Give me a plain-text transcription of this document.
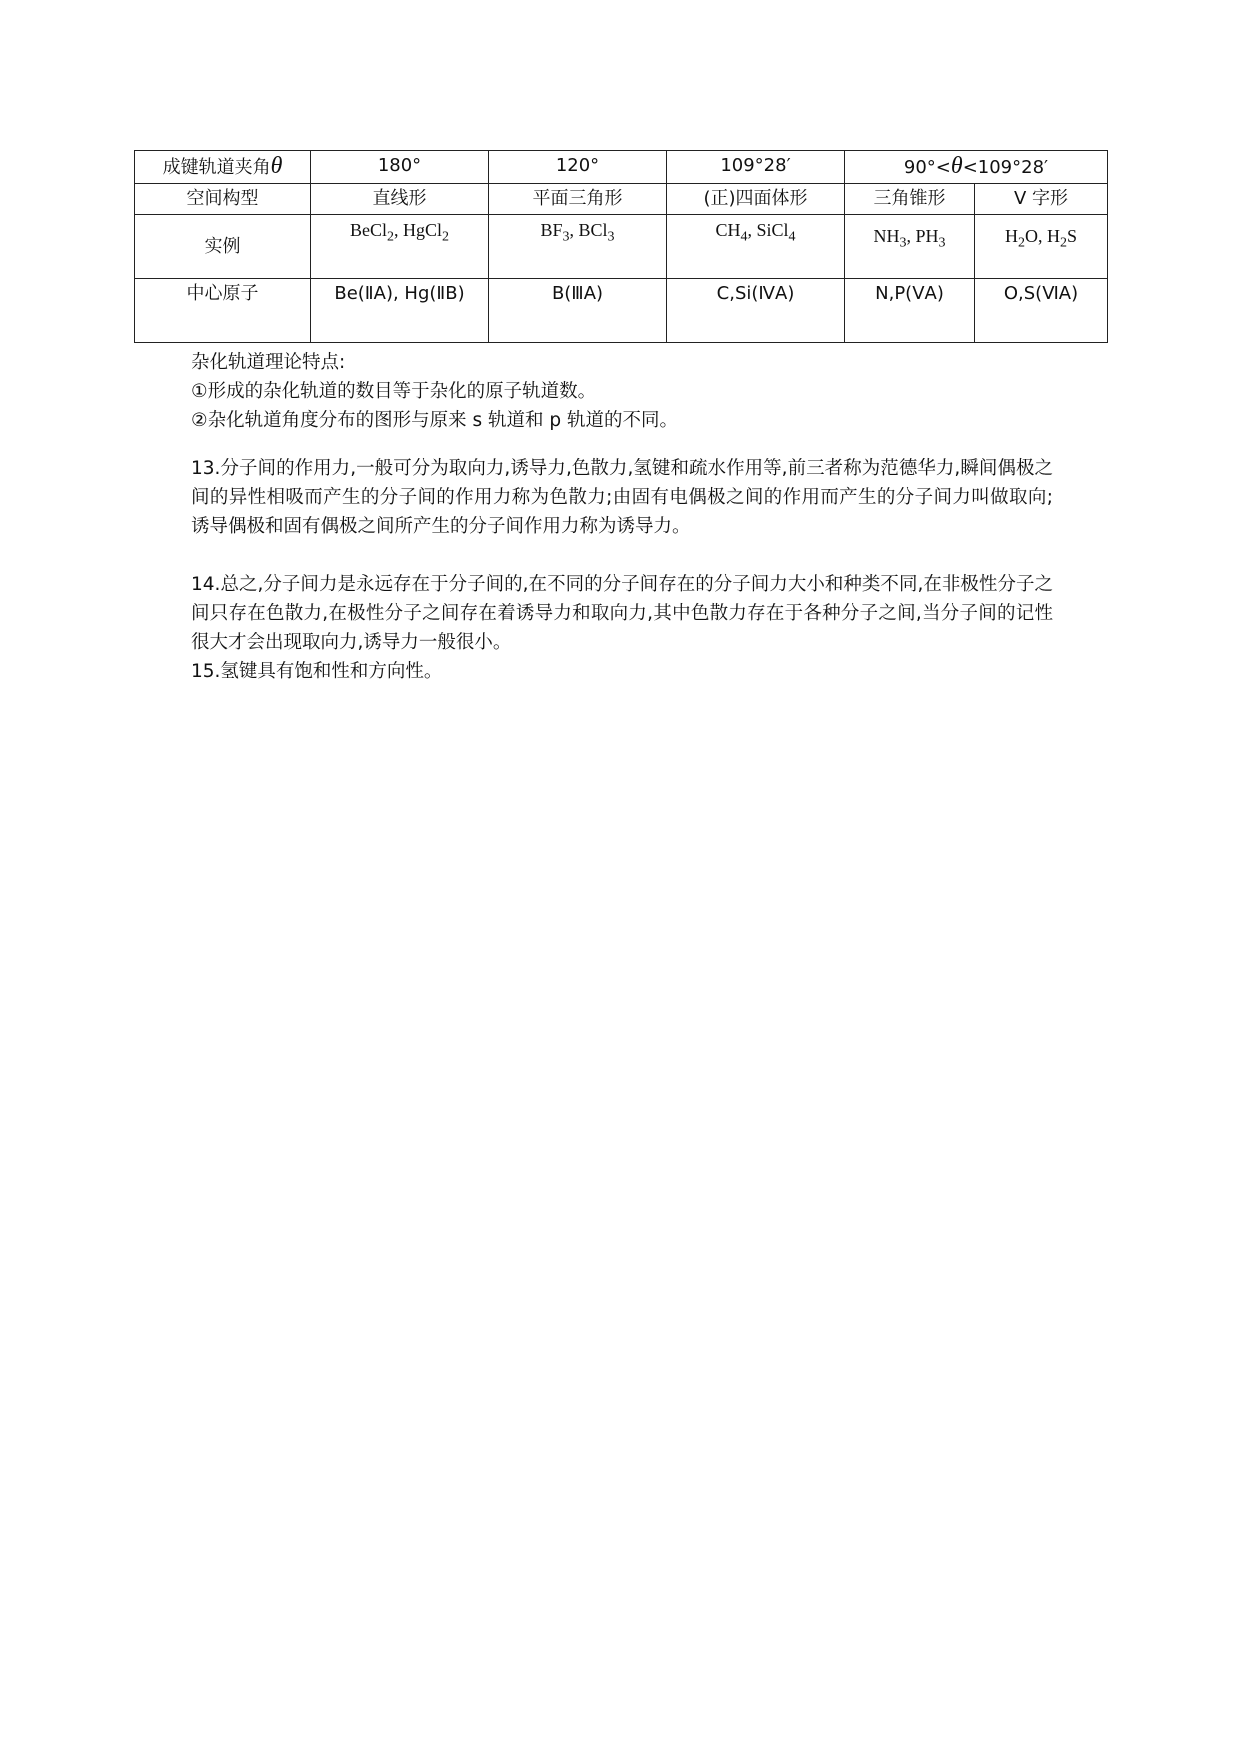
成键轨道夹角θ	180°	120°	109°28′	90°<θ<109°28′	
空间构型	直线形	平面三角形	(正)四面体形	三角锥形	V 字形
实例	BeCl$_2$, HgCl$_2$	$BF_3$, BCl$_3$	$CH_4$, SiCl$_4$	$NH_3$, $PH_3$	$H_2O$, $H_2S$
中心原子	Be(ⅡA), Hg(ⅡB)	B(ⅢA)	C,Si(ⅣA)	N,P(ⅤA)	O,S(ⅥA)

杂化轨道理论特点:

①形成的杂化轨道的数目等于杂化的原子轨道数。

②杂化轨道角度分布的图形与原来 s 轨道和 p 轨道的不同。

13.分子间的作用力,一般可分为取向力,诱导力,色散力,氢键和疏水作用等,前三者称为范德华力,瞬间偶极之间的异性相吸而产生的分子间的作用力称为色散力;由固有电偶极之间的作用而产生的分子间力叫做取向;诱导偶极和固有偶极之间所产生的分子间作用力称为诱导力。

14.总之,分子间力是永远存在于分子间的,在不同的分子间存在的分子间力大小和种类不同,在非极性分子之间只存在色散力,在极性分子之间存在着诱导力和取向力,其中色散力存在于各种分子之间,当分子间的记性很大才会出现取向力,诱导力一般很小。

15.氢键具有饱和性和方向性。
